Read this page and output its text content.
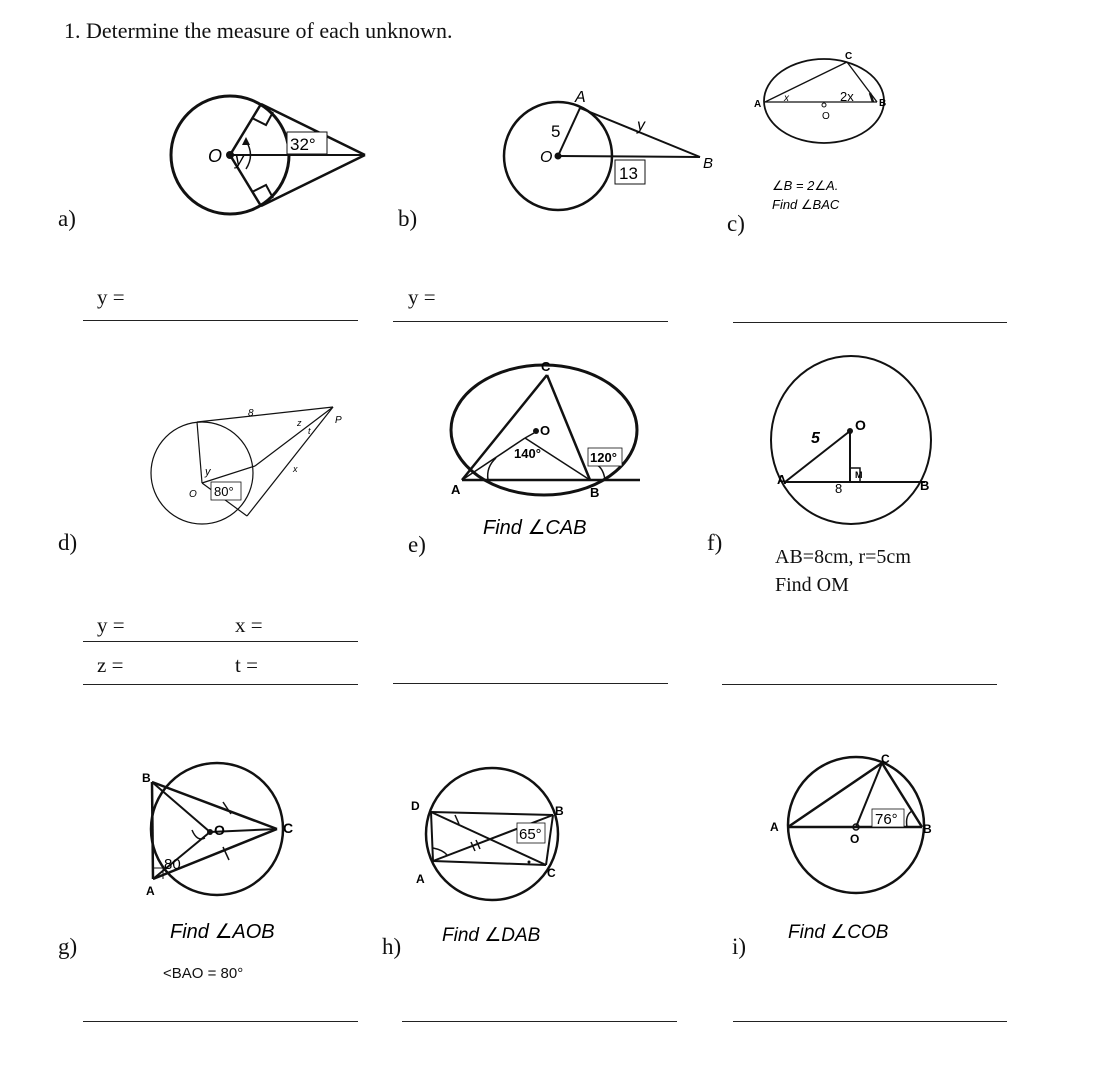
1. Determine the measure of each unknown.
a)
O y
32°
y =
b)
O
A
B
5	y
13
y =
c)
A	B
C
O
x	2x
∠B = 2∠A.
Find ∠BAC
d)
O
P
y
z
t
x
8
80°
y =	x =
z =	t =
e)
A	B
C
O
140°	120°
Find ∠CAB
f)
A	B
O
M
5
8
AB=8cm, r=5cm
Find OM
g)
B
A
C
O
80
Find ∠AOB
<BAO = 80°
h)
D
A
B
C
65°
Find ∠DAB	i)
A	B
C
O
76°
Find ∠COB
